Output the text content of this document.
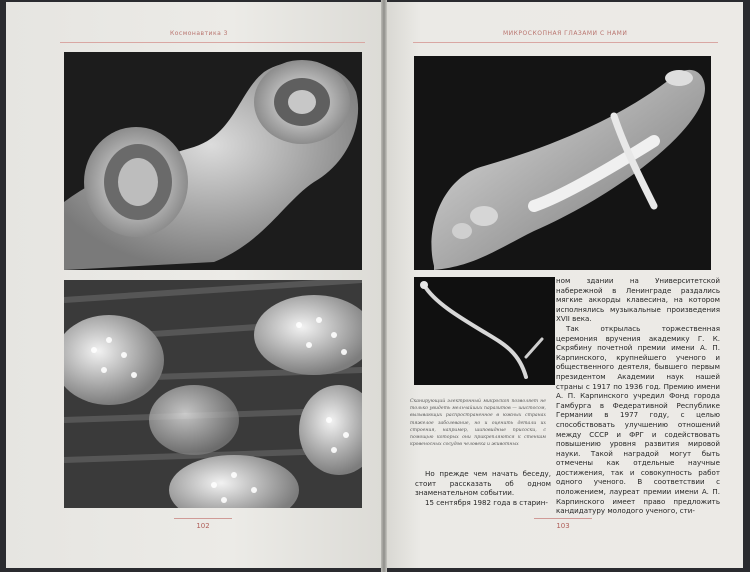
Космонавтика 3	МИКРОСКОПНАЯ ГЛАЗАМИ С НАМИ
Сканирующий электронный микроскоп позволяет не только увидеть мельчайших паразитов — шистосом, вызывающих распространенное в южных странах тяжелое заболевание, но и оценить детали их строения, например, шиповидные присоски, с помощью которых они прикрепляются к стенкам кровеносных сосудов человека и животных

Но прежде чем начать беседу, стоит рассказать об одном знаменательном событии.

15 сентября 1982 года в старин-

ном здании на Университетской набережной в Ленинграде раздались мягкие аккорды клавесина, на котором исполнялись музыкальные произведения XVII века.

Так открылась торжественная церемония вручения академику Г. К. Скрябину почетной премии имени А. П. Карпинского, крупнейшего ученого и общественного деятеля, бывшего первым президентом Академии наук нашей страны с 1917 по 1936 год. Премию имени А. П. Карпинского учредил Фонд города Гамбурга в Федеративной Республике Германии в 1977 году, с целью способствовать улучшению отношений между СССР и ФРГ и содействовать повышению уровня развития мировой науки. Такой наградой могут быть отмечены как отдельные научные достижения, так и совокупность работ одного ученого. В соответствии с положением, лауреат премии имени А. П. Карпинского имеет право предложить кандидатуру молодого ученого, сти-

102	103
